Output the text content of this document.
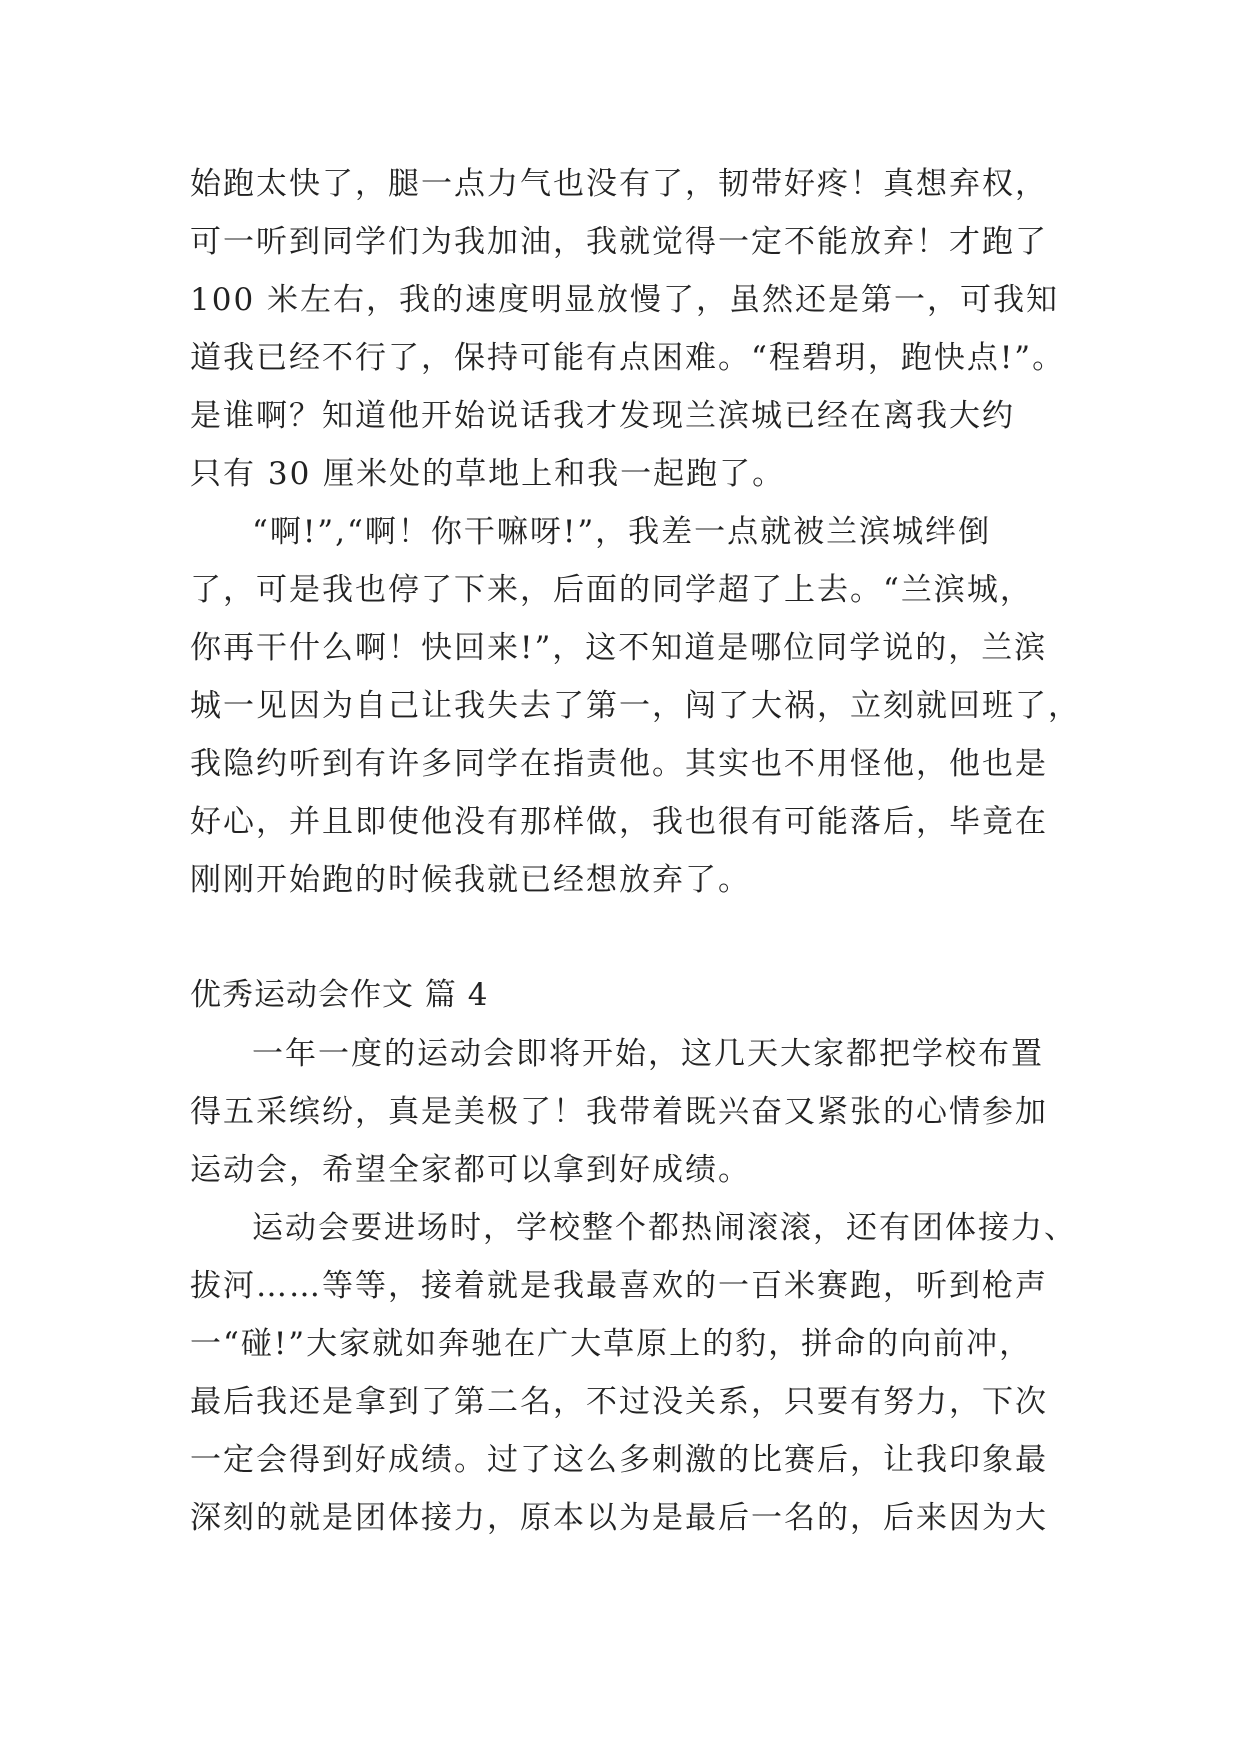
始跑太快了，腿一点力气也没有了，韧带好疼！真想弃权，
可一听到同学们为我加油，我就觉得一定不能放弃！才跑了
100 米左右，我的速度明显放慢了，虽然还是第一，可我知
道我已经不行了，保持可能有点困难。“程碧玥，跑快点!”。
是谁啊？知道他开始说话我才发现兰滨城已经在离我大约
只有 30 厘米处的草地上和我一起跑了。
“啊!”,“啊！你干嘛呀!”，我差一点就被兰滨城绊倒
了，可是我也停了下来，后面的同学超了上去。“兰滨城，
你再干什么啊！快回来!”，这不知道是哪位同学说的，兰滨
城一见因为自己让我失去了第一，闯了大祸，立刻就回班了，
我隐约听到有许多同学在指责他。其实也不用怪他，他也是
好心，并且即使他没有那样做，我也很有可能落后，毕竟在
刚刚开始跑的时候我就已经想放弃了。
优秀运动会作文 篇 4
一年一度的运动会即将开始，这几天大家都把学校布置
得五采缤纷，真是美极了！我带着既兴奋又紧张的心情参加
运动会，希望全家都可以拿到好成绩。
运动会要进场时，学校整个都热闹滚滚，还有团体接力、
拔河……等等，接着就是我最喜欢的一百米赛跑，听到枪声
一“碰!”大家就如奔驰在广大草原上的豹，拼命的向前冲，
最后我还是拿到了第二名，不过没关系，只要有努力，下次
一定会得到好成绩。过了这么多刺激的比赛后，让我印象最
深刻的就是团体接力，原本以为是最后一名的，后来因为大
